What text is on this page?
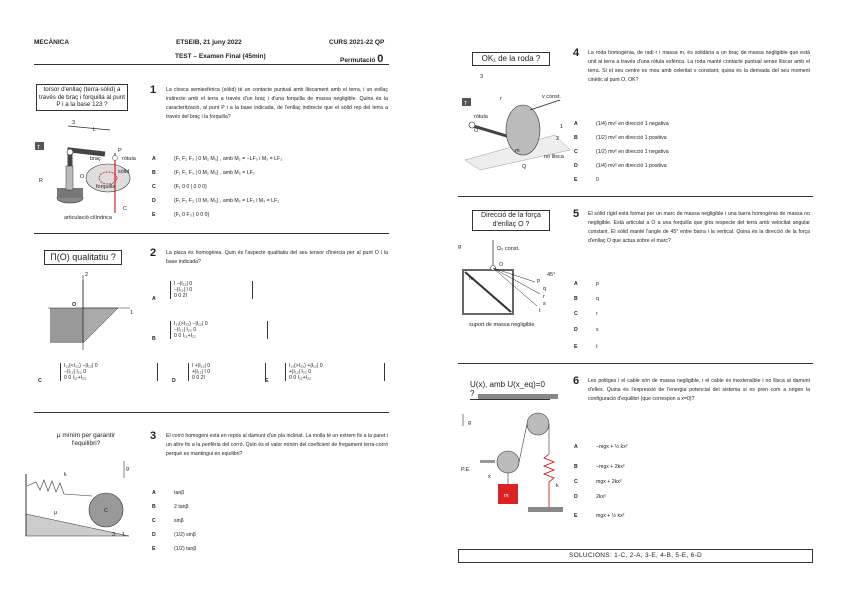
MECÀNICA	ETSEIB, 21 juny 2022	CURS 2021-22 QP
TEST – Examen Final (45min)
Permutació 0
torsor d'enllaç (terra-sòlid) a través de braç i forquilla al punt P i a la base 123 ?
1 La closca semiesfèrica (sòlid) té un contacte puntual amb lliscament amb el terra, i un enllaç indirecte amb el terra a través d'un braç i d'una forquilla de massa negligible. Quina és la caracterització, al punt P i a la base indicada, de l'enllaç indirecte que el sòlid rep del terra a través del braç i la forquilla?
T
3
L
braç
P
ròtula
sòlid
forquilla
R
O
C
articulació cilíndrica
A	{F₁ F₂ F₃ | 0 M₂ M₃} , amb M₂ = −LF₃ i M₃ = LF₂
B	{F₁ F₂ F₃ | 0 M₂ M₃} , amb M₃ = LF₂
C	{F₁ 0 0 | 0 0 0}
D	{F₁ F₂ F₃ | 0 M₂ M₃} , amb M₂ = LF₃ i M₃ = LF₂
E	{F₁ 0 F₃ | 0 0 0}
Π(O) qualitatiu ?	2 La placa és homogènia. Quin és l'aspecte qualitatiu del seu tensor d'inèrcia per al punt O i la base indicada?
2
1
O
A
I −|I₁₂| 0
−|I₁₂| I 0
0 0 2I
B
I₁₁(>I₂₂) −|I₁₂| 0
−|I₁₂| I₂₂ 0
0 0 I₁₁+I₂₂
C
I₁₁(<I₂₂) −|I₁₂| 0
−|I₁₂| I₂₂ 0
0 0 I₁₁+I₂₂	D
I +|I₁₂| 0
+|I₁₂| I 0
0 0 2I	E
I₁₁(>I₂₂) +|I₁₂| 0
+|I₁₂| I₂₂ 0
0 0 I₁₁+I₂₂
μ mínim per garantir l'equilibri?
3 El corró homogeni està en repòs al damunt d'un pla inclinat. La molla té un extrem fix a la paret i un altre fix a la perifèria del corró. Quin és el valor mínim del coeficient de fregament terra-corró perquè es mantingui en equilibri?
g
k
μ	C
3 1
A	tanβ
B	2 tanβ
C	sinβ
D	(1/2) sinβ
E	(1/2) tanβ
OK₁ de la roda ?	4 La roda homogènia, de radi r i massa m, és solidària a un braç de massa negligible que està unit al terra a través d'una ròtula esfèrica. La roda manté contacte puntual sense lliscar amb el terra. Si el seu centre es mou amb celeritat v constant, quina és la derivada del seu moment cinètic al punt O, OK̇?
T
ròtula
O
v const.
m
no llisca
r
1
2
3
Q
A	(1/4) mv² en direcció 1 negativa
B	(1/2) mv² en direcció 1 positiva
C	(1/2) mv² en direcció 1 negativa
D	(1/4) mv² en direcció 1 positiva
E	0
Direcció de la força d'enllaç O ?
5 El sòlid rígid està format per un marc de massa negligible i una barra homogènia de massa no negligible. Està articulat a O a una forquilla que gira respecte del terra amb velocitat angular constant. El sòlid manté l'angle de 45° entre barra i la vertical. Quina és la direcció de la força d'enllaç O que actua sobre el marc?
g	Ω₀ const.
O
m
45°
p
q
r
s
t
suport de massa negligible
A	p
B	q
C	r
D	s
E	t
U(x), amb U(x_eq)=0 ?
6 Les politges i el cable són de massa negligible, i el cable és inextensible i no llisca al damunt d'elles. Quina és l'expressió de l'energia potencial del sistema si es pren com a origen la configuració d'equilibri (que correspon a x=0)?
g
P.E.
x
m
k
A	−mgx + ½ kx²
B	−mgx + 2kx²
C	mgx + 2kx²
D	2kx²
E	mgx + ½ kx²
SOLUCIONS: 1-C, 2-A, 3-E, 4-B, 5-E, 6-D
